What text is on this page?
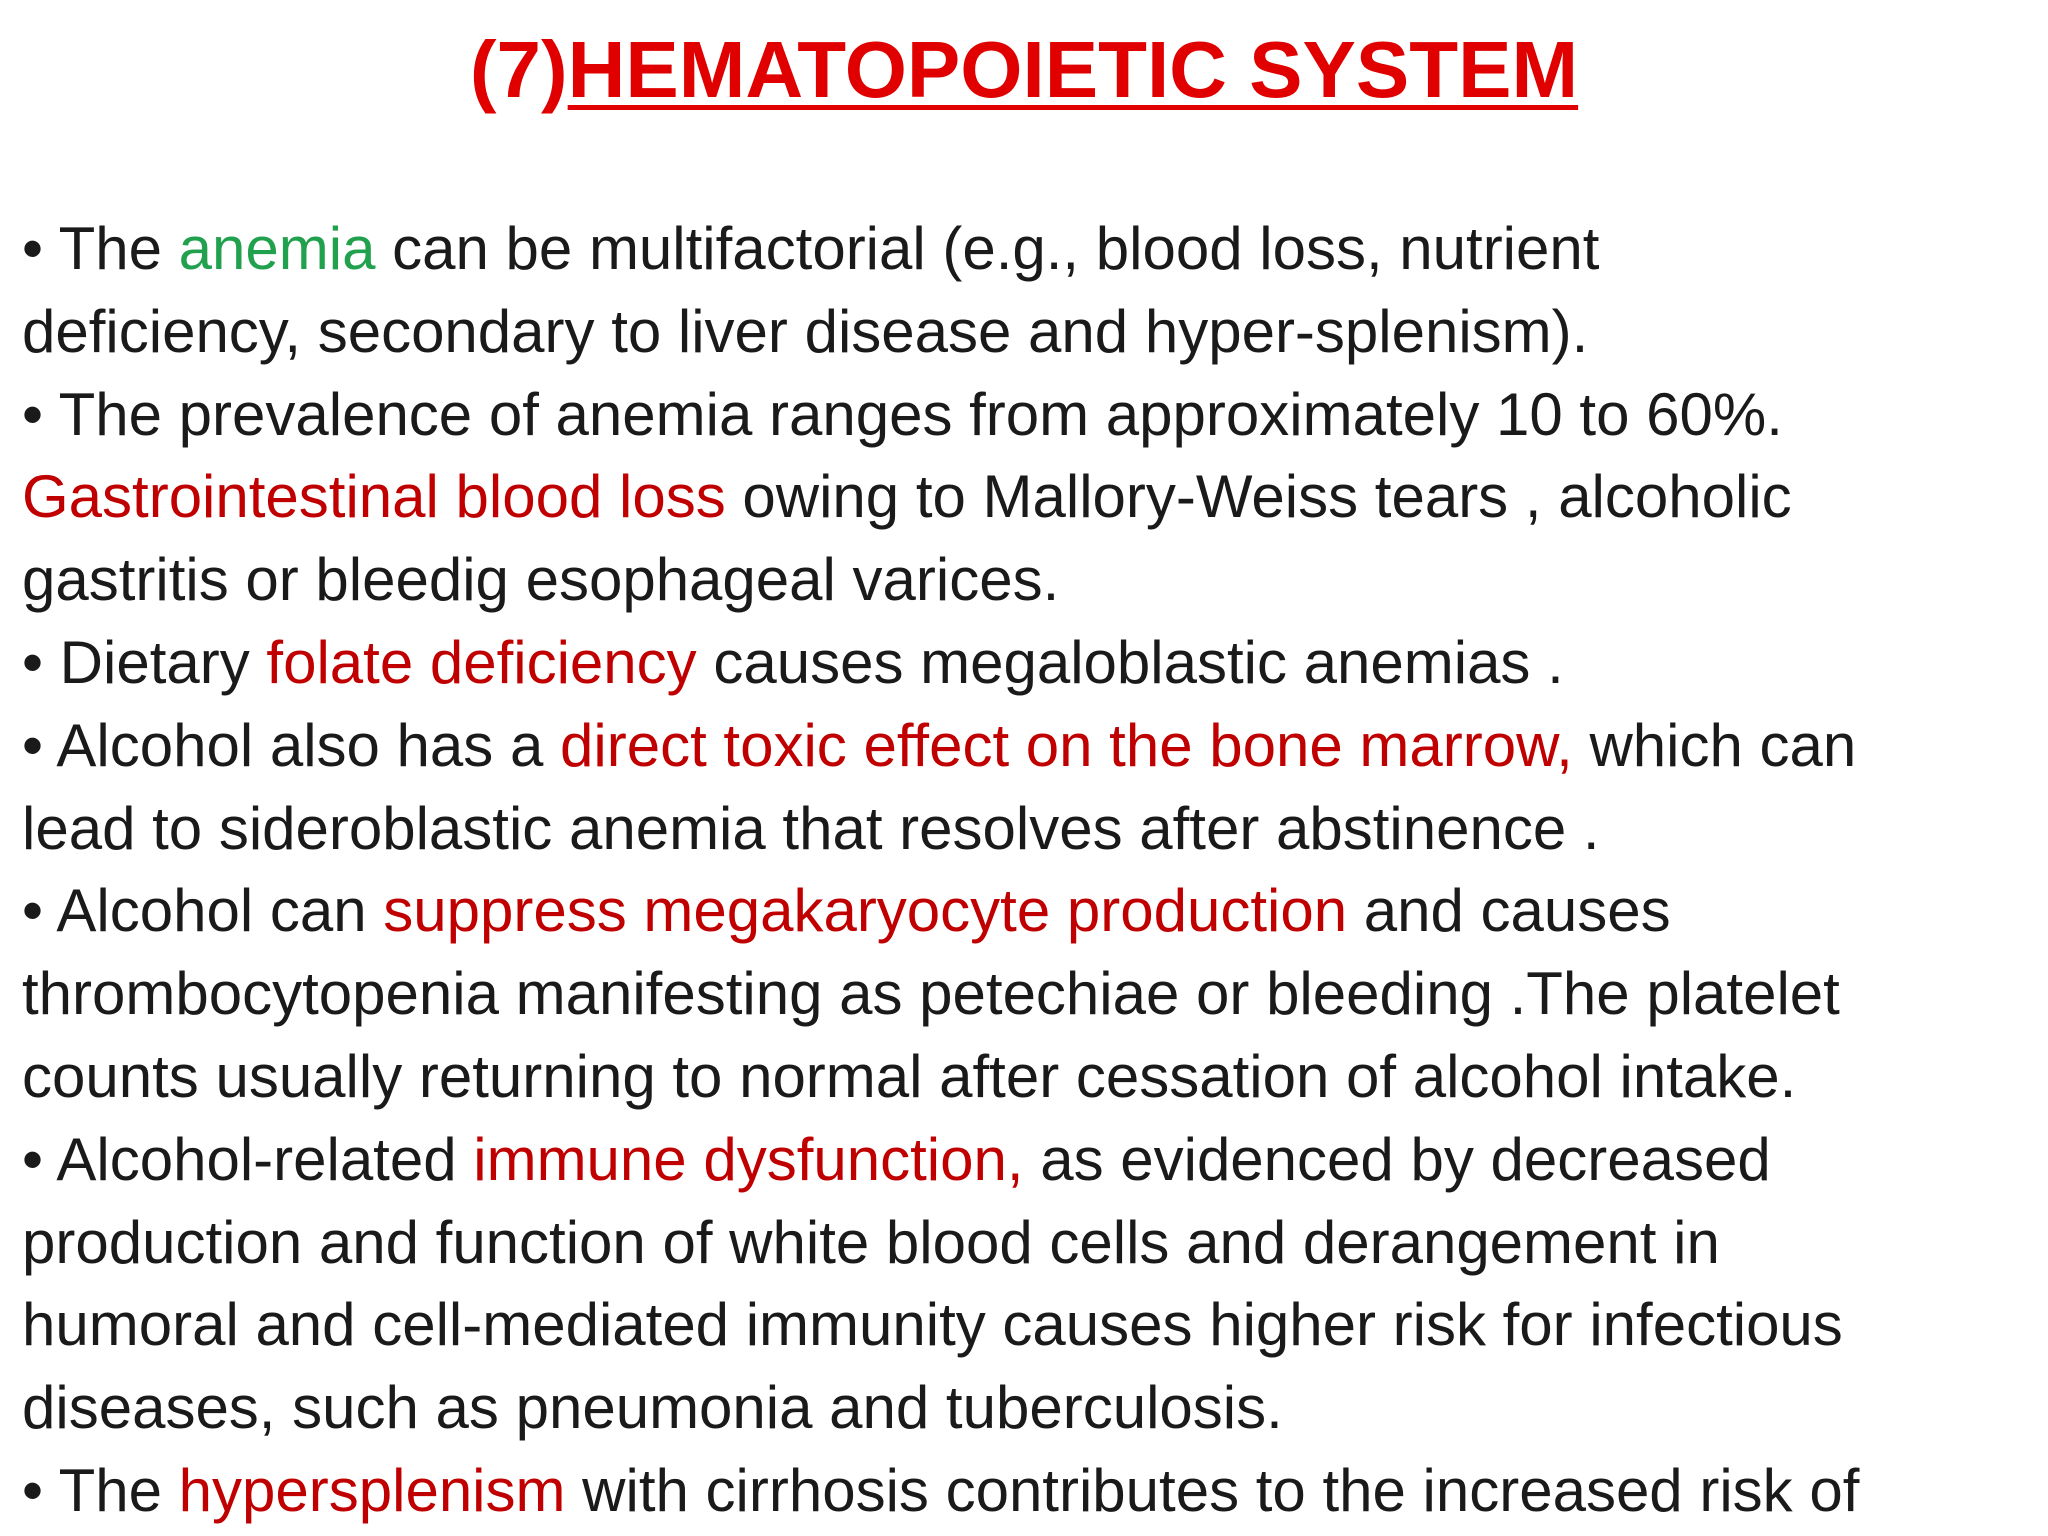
(7)HEMATOPOIETIC SYSTEM

• The anemia can be multifactorial (e.g., blood loss, nutrient

deficiency, secondary to liver disease and hyper-splenism).

• The prevalence of anemia ranges from approximately 10 to 60%.

Gastrointestinal blood loss owing to Mallory-Weiss tears , alcoholic

gastritis or bleedig esophageal varices.

• Dietary folate deficiency causes megaloblastic anemias .

• Alcohol also has a direct toxic effect on the bone marrow, which can

lead to sideroblastic anemia that resolves after abstinence .

• Alcohol can suppress megakaryocyte production and causes

thrombocytopenia manifesting as petechiae or bleeding .The platelet

counts usually returning to normal after cessation of alcohol intake.

• Alcohol-related immune dysfunction, as evidenced by decreased

production and function of white blood cells and derangement in

humoral and cell-mediated immunity causes higher risk for infectious

diseases, such as pneumonia and tuberculosis.

• The hypersplenism with cirrhosis contributes to the increased risk of
